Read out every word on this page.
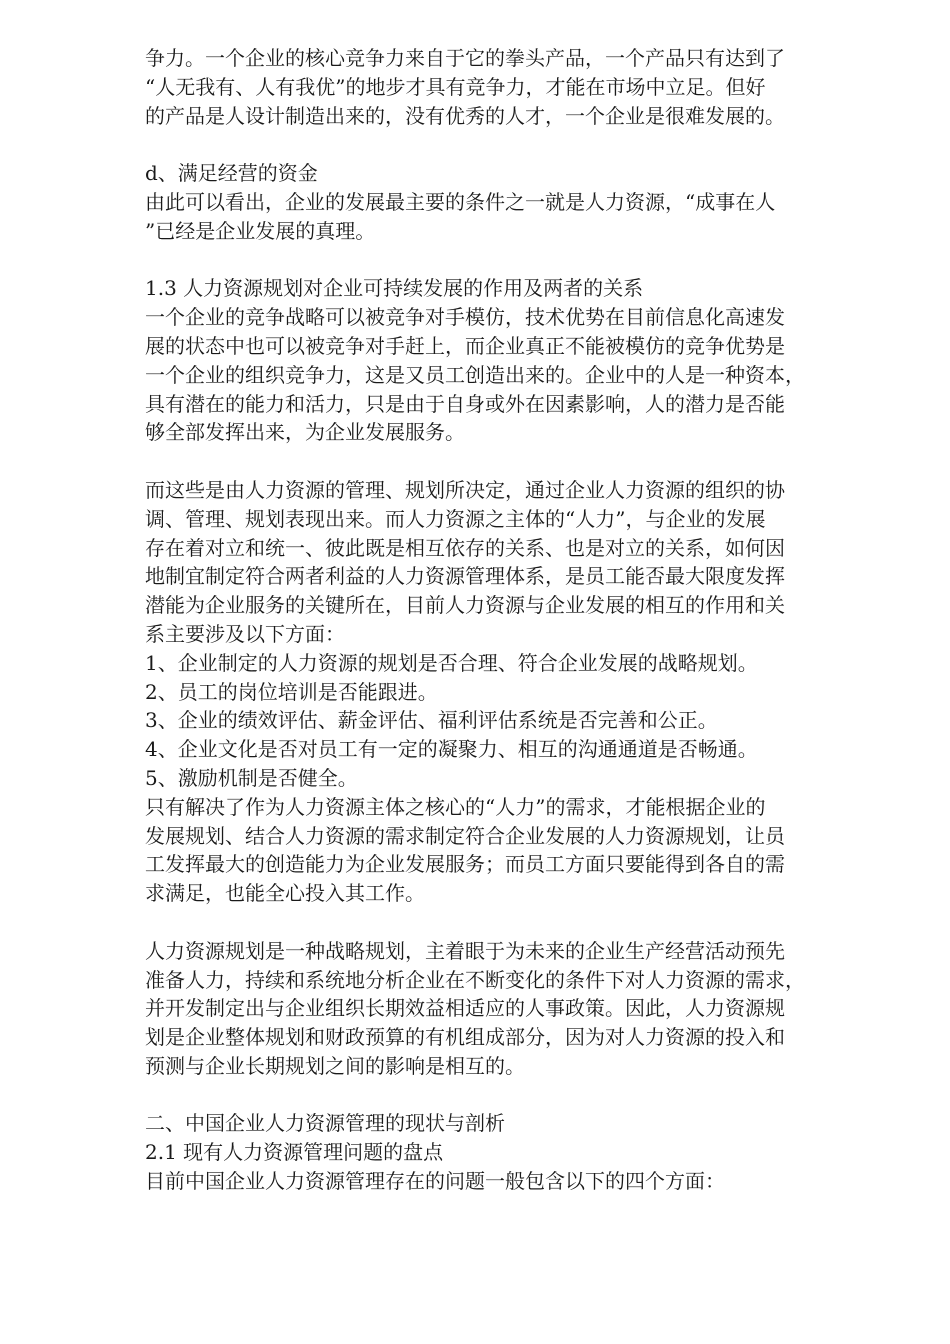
争力。一个企业的核心竞争力来自于它的拳头产品，一个产品只有达到了
“人无我有、人有我优”的地步才具有竞争力，才能在市场中立足。但好
的产品是人设计制造出来的，没有优秀的人才，一个企业是很难发展的。
d、满足经营的资金
由此可以看出，企业的发展最主要的条件之一就是人力资源，“成事在人
”已经是企业发展的真理。
1.3 人力资源规划对企业可持续发展的作用及两者的关系
一个企业的竞争战略可以被竞争对手模仿，技术优势在目前信息化高速发
展的状态中也可以被竞争对手赶上，而企业真正不能被模仿的竞争优势是
一个企业的组织竞争力，这是又员工创造出来的。企业中的人是一种资本，
具有潜在的能力和活力，只是由于自身或外在因素影响，人的潜力是否能
够全部发挥出来，为企业发展服务。
而这些是由人力资源的管理、规划所决定，通过企业人力资源的组织的协
调、管理、规划表现出来。而人力资源之主体的“人力”，与企业的发展
存在着对立和统一、彼此既是相互依存的关系、也是对立的关系，如何因
地制宜制定符合两者利益的人力资源管理体系，是员工能否最大限度发挥
潜能为企业服务的关键所在，目前人力资源与企业发展的相互的作用和关
系主要涉及以下方面：
1、企业制定的人力资源的规划是否合理、符合企业发展的战略规划。
2、员工的岗位培训是否能跟进。
3、企业的绩效评估、薪金评估、福利评估系统是否完善和公正。
4、企业文化是否对员工有一定的凝聚力、相互的沟通通道是否畅通。
5、激励机制是否健全。
只有解决了作为人力资源主体之核心的“人力”的需求，才能根据企业的
发展规划、结合人力资源的需求制定符合企业发展的人力资源规划，让员
工发挥最大的创造能力为企业发展服务；而员工方面只要能得到各自的需
求满足，也能全心投入其工作。
人力资源规划是一种战略规划，主着眼于为未来的企业生产经营活动预先
准备人力，持续和系统地分析企业在不断变化的条件下对人力资源的需求，
并开发制定出与企业组织长期效益相适应的人事政策。因此，人力资源规
划是企业整体规划和财政预算的有机组成部分，因为对人力资源的投入和
预测与企业长期规划之间的影响是相互的。
二、中国企业人力资源管理的现状与剖析
2.1 现有人力资源管理问题的盘点
目前中国企业人力资源管理存在的问题一般包含以下的四个方面：
